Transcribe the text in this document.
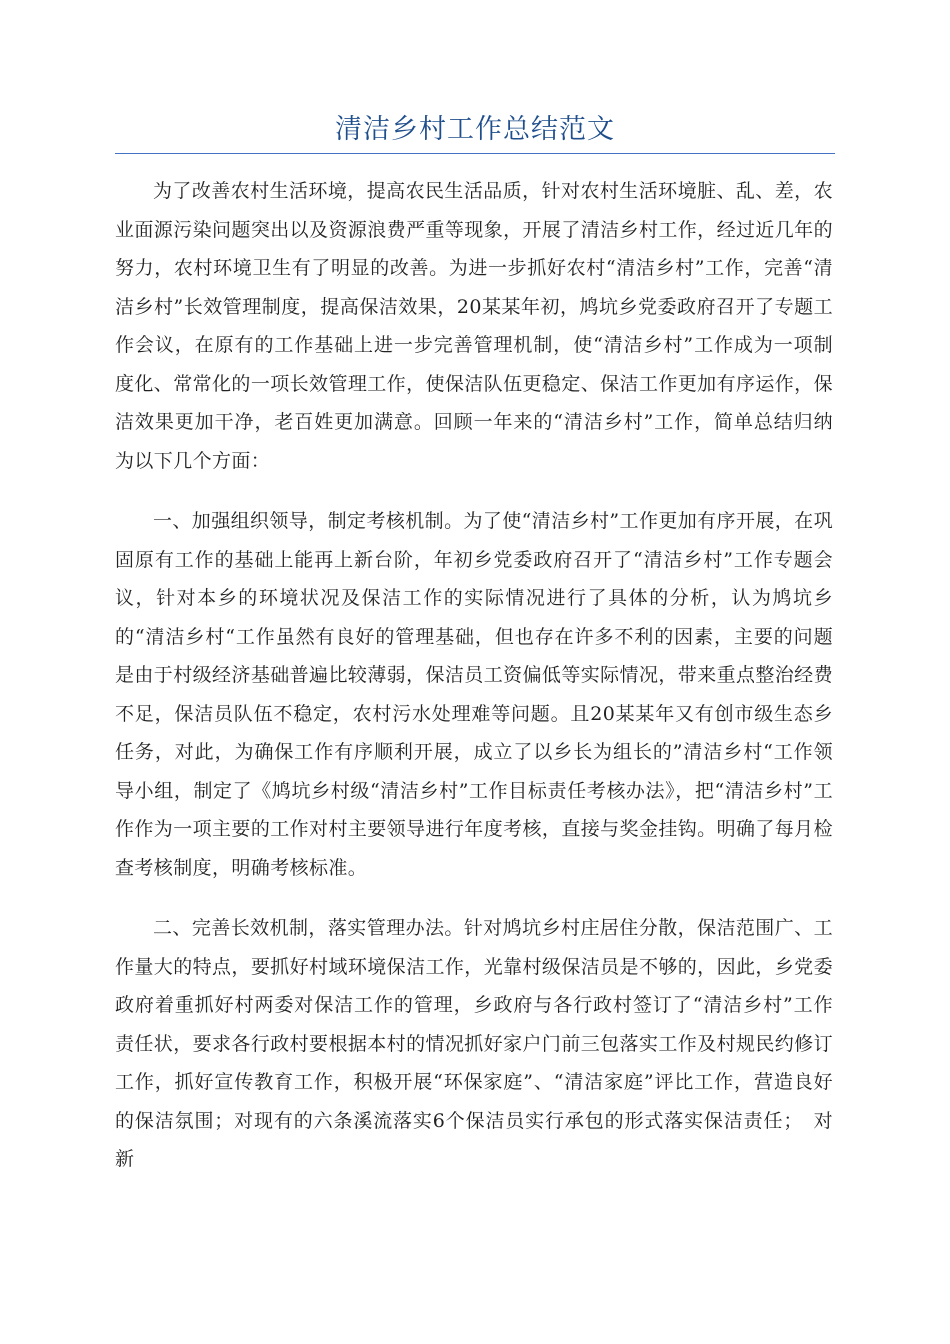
清洁乡村工作总结范文

为了改善农村生活环境，提高农民生活品质，针对农村生活环境脏、乱、差，农业面源污染问题突出以及资源浪费严重等现象，开展了清洁乡村工作，经过近几年的努力，农村环境卫生有了明显的改善。为进一步抓好农村“清洁乡村”工作，完善“清洁乡村”长效管理制度，提高保洁效果，20某某年初，鸠坑乡党委政府召开了专题工作会议，在原有的工作基础上进一步完善管理机制，使“清洁乡村”工作成为一项制度化、常常化的一项长效管理工作，使保洁队伍更稳定、保洁工作更加有序运作，保洁效果更加干净，老百姓更加满意。回顾一年来的“清洁乡村”工作，简单总结归纳为以下几个方面：

一、加强组织领导，制定考核机制。为了使“清洁乡村”工作更加有序开展，在巩固原有工作的基础上能再上新台阶，年初乡党委政府召开了“清洁乡村”工作专题会议，针对本乡的环境状况及保洁工作的实际情况进行了具体的分析，认为鸠坑乡的“清洁乡村“工作虽然有良好的管理基础，但也存在许多不利的因素，主要的问题是由于村级经济基础普遍比较薄弱，保洁员工资偏低等实际情况，带来重点整治经费不足，保洁员队伍不稳定，农村污水处理难等问题。且20某某年又有创市级生态乡任务，对此，为确保工作有序顺利开展，成立了以乡长为组长的”清洁乡村“工作领导小组，制定了《鸠坑乡村级“清洁乡村”工作目标责任考核办法》，把“清洁乡村”工作作为一项主要的工作对村主要领导进行年度考核，直接与奖金挂钩。明确了每月检查考核制度，明确考核标准。

二、完善长效机制，落实管理办法。针对鸠坑乡村庄居住分散，保洁范围广、工作量大的特点，要抓好村域环境保洁工作，光靠村级保洁员是不够的，因此，乡党委政府着重抓好村两委对保洁工作的管理，乡政府与各行政村签订了“清洁乡村”工作责任状，要求各行政村要根据本村的情况抓好家户门前三包落实工作及村规民约修订工作，抓好宣传教育工作，积极开展“环保家庭”、“清洁家庭”评比工作，营造良好的保洁氛围；对现有的六条溪流落实6个保洁员实行承包的形式落实保洁责任；　对新
